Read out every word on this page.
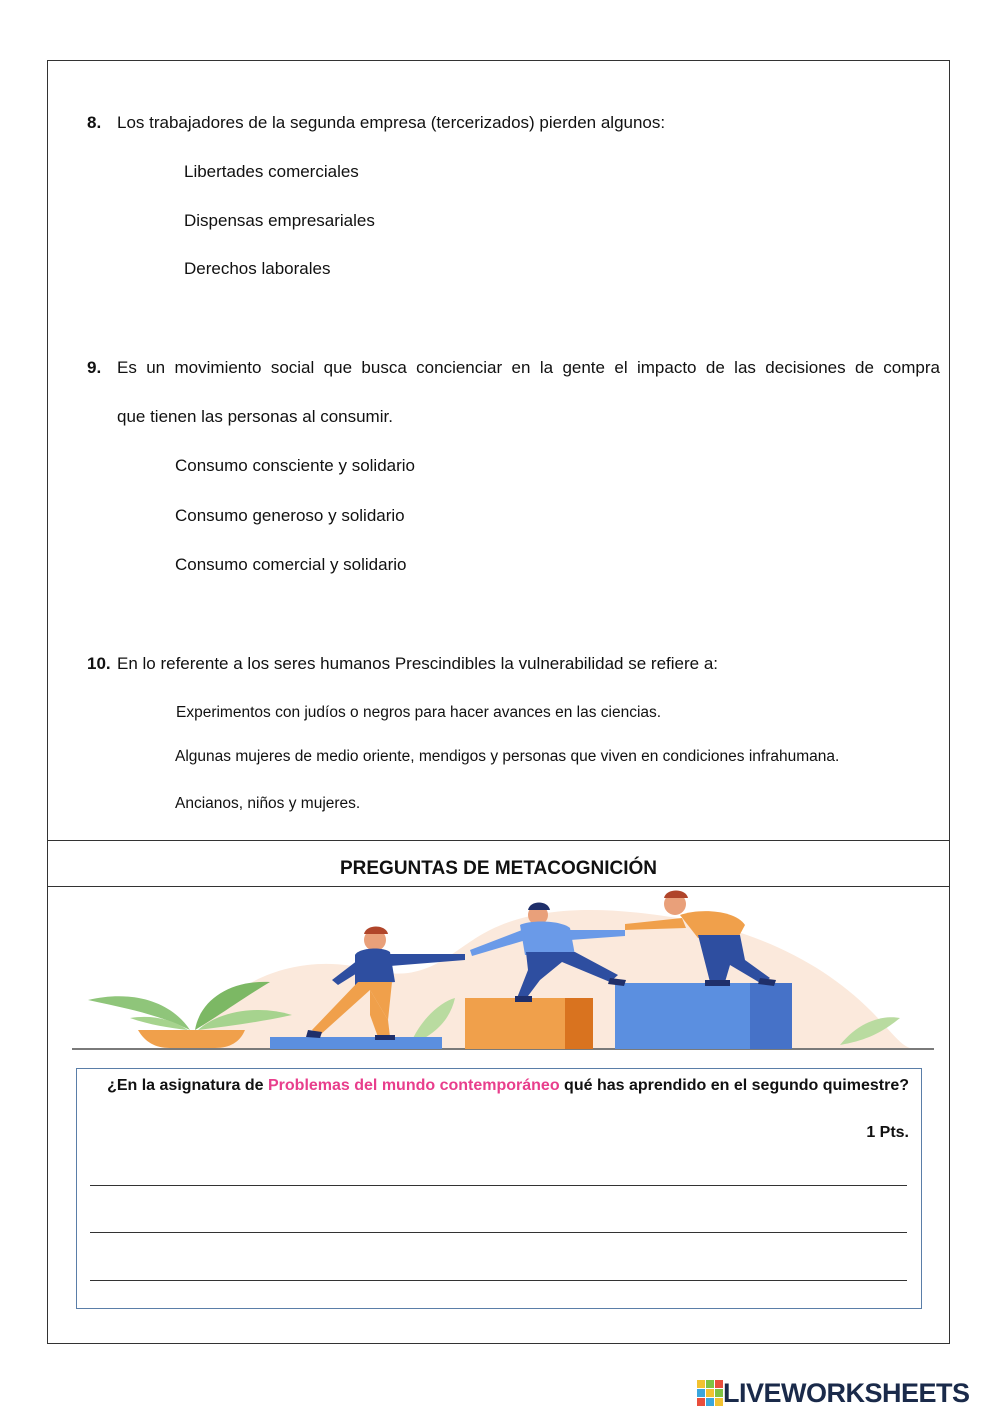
8. Los trabajadores de la segunda empresa (tercerizados) pierden algunos:
Libertades comerciales
Dispensas empresariales
Derechos laborales
9. Es un movimiento social que busca concienciar en la gente el impacto de las decisiones de compra
que tienen las personas al consumir.
Consumo consciente y solidario
Consumo generoso y solidario
Consumo comercial y solidario
10. En lo referente a los seres humanos Prescindibles la vulnerabilidad se refiere a:
Experimentos con judíos o negros para hacer avances en las ciencias.
Algunas mujeres de medio oriente, mendigos y personas que viven en condiciones infrahumana.
Ancianos, niños y mujeres.
PREGUNTAS DE METACOGNICIÓN
¿En la asignatura de Problemas del mundo contemporáneo qué has aprendido en el segundo quimestre?
1 Pts.
LIVEWORKSHEETS
